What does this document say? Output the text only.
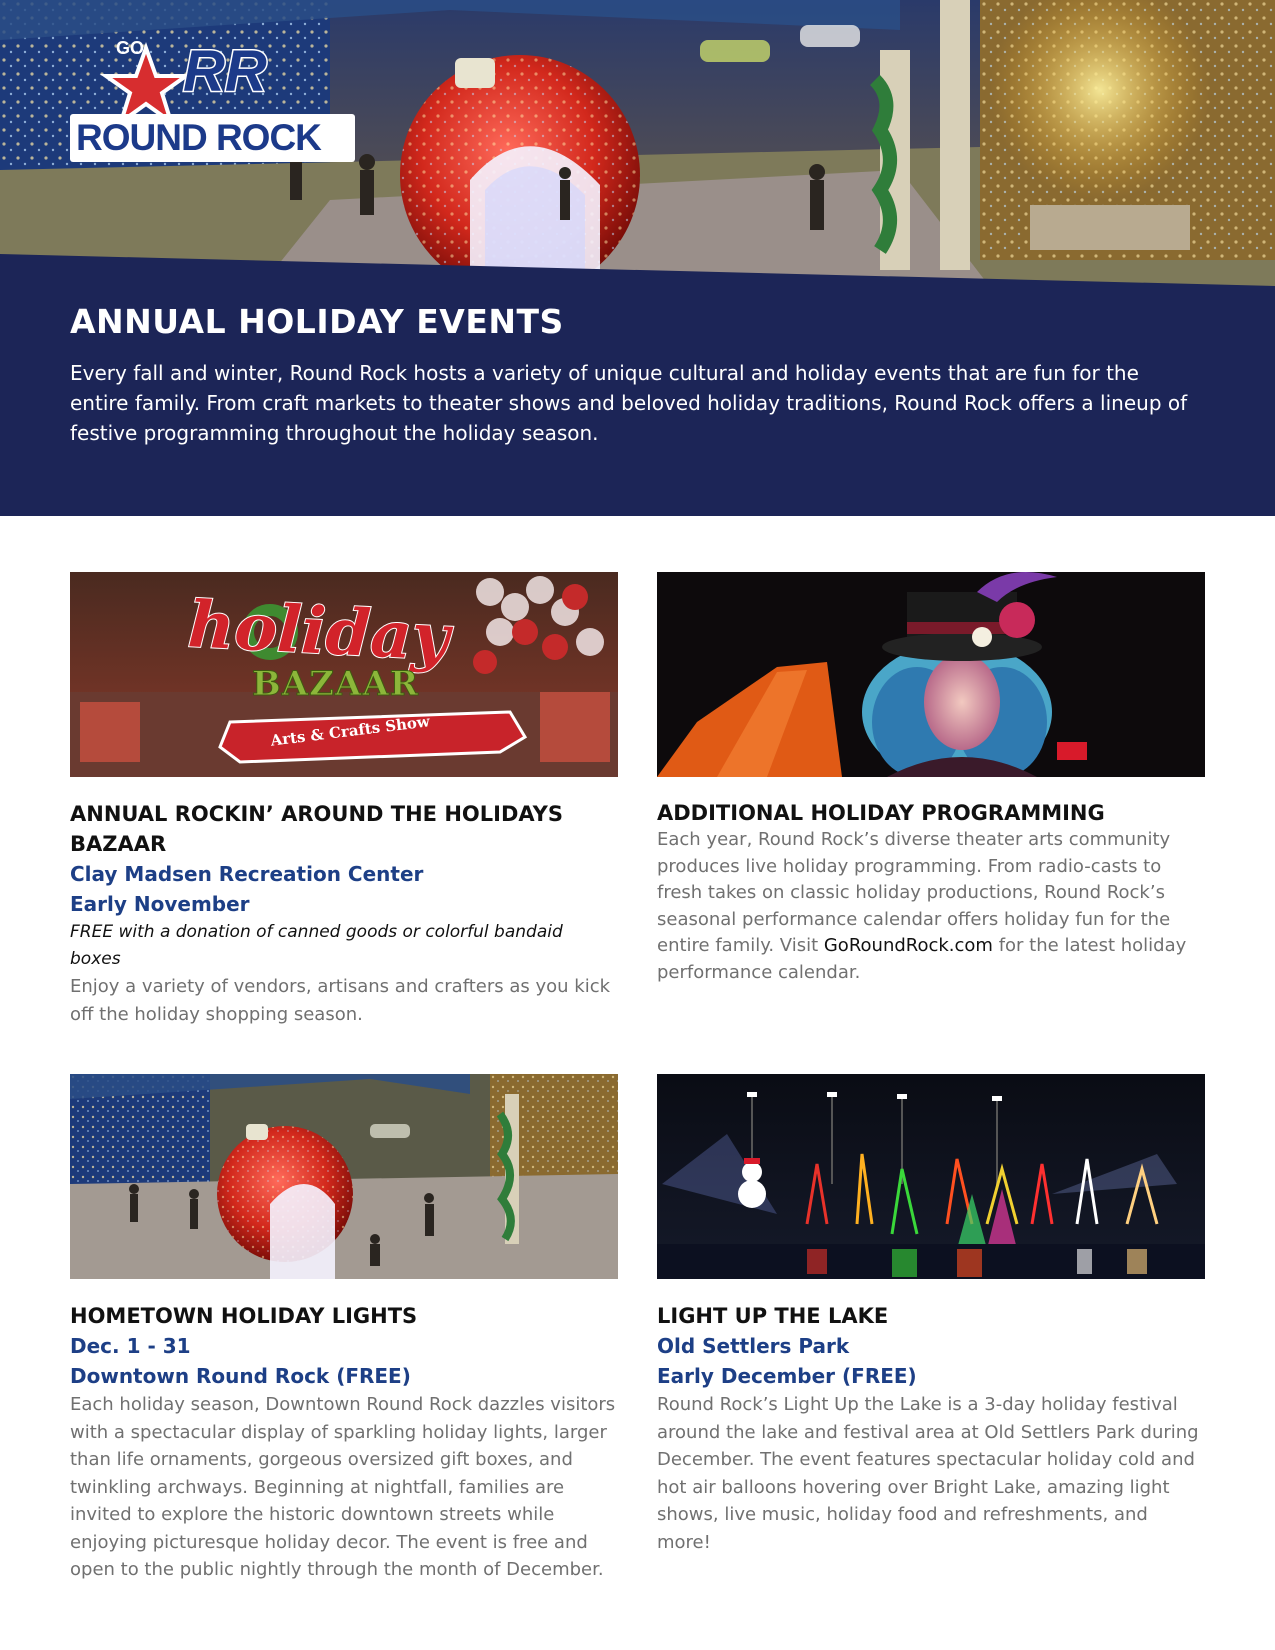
GO RR
ROUND ROCK
ANNUAL HOLIDAY EVENTS

Every fall and winter, Round Rock hosts a variety of unique cultural and holiday events that are fun for the entire family. From craft markets to theater shows and beloved holiday traditions, Round Rock offers a lineup of festive programming throughout the holiday season.

holiday
BAZAAR
Arts & Crafts Show
ANNUAL ROCKIN’ AROUND THE HOLIDAYS BAZAAR
Clay Madsen Recreation Center
Early November
FREE with a donation of canned goods or colorful bandaid boxes

Enjoy a variety of vendors, artisans and crafters as you kick off the holiday shopping season.

ADDITIONAL HOLIDAY PROGRAMMING

Each year, Round Rock’s diverse theater arts community produces live holiday programming. From radio-casts to fresh takes on classic holiday productions, Round Rock’s seasonal performance calendar offers holiday fun for the entire family. Visit GoRoundRock.com for the latest holiday performance calendar.

HOMETOWN HOLIDAY LIGHTS
Dec. 1 - 31
Downtown Round Rock (FREE)

Each holiday season, Downtown Round Rock dazzles visitors with a spectacular display of sparkling holiday lights, larger than life ornaments, gorgeous oversized gift boxes, and twinkling archways. Beginning at nightfall, families are invited to explore the historic downtown streets while enjoying picturesque holiday decor. The event is free and open to the public nightly through the month of December.

LIGHT UP THE LAKE
Old Settlers Park
Early December (FREE)

Round Rock’s Light Up the Lake is a 3-day holiday festival around the lake and festival area at Old Settlers Park during December. The event features spectacular holiday cold and hot air balloons hovering over Bright Lake, amazing light shows, live music, holiday food and refreshments, and more!
